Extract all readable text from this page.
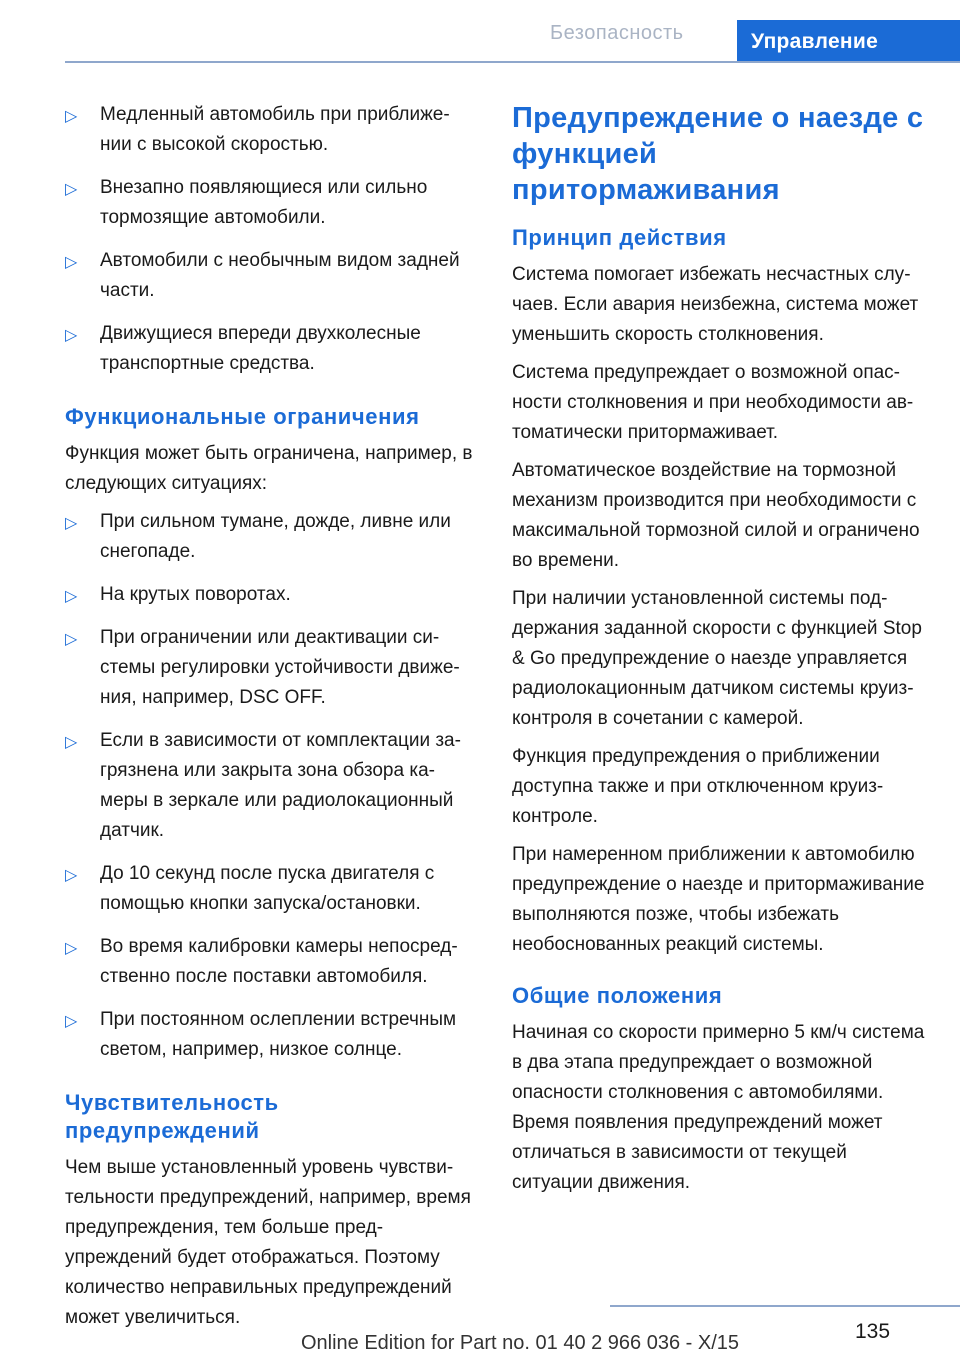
Безопасность	Управление
▷ Медленный автомобиль при приближении с высокой скоростью.
▷ Внезапно появляющиеся или сильно тормозящие автомобили.
▷ Автомобили с необычным видом задней части.
▷ Движущиеся впереди двухколесные транспортные средства.
Функциональные ограничения

Функция может быть ограничена, например, в следующих ситуациях:

▷ При сильном тумане, дожде, ливне или снегопаде.
▷ На крутых поворотах.
▷ При ограничении или деактивации системы регулировки устойчивости движения, например, DSC OFF.
▷ Если в зависимости от комплектации загрязнена или закрыта зона обзора камеры в зеркале или радиолокационный датчик.
▷ До 10 секунд после пуска двигателя с помощью кнопки запуска/остановки.
▷ Во время калибровки камеры непосредственно после поставки автомобиля.
▷ При постоянном ослеплении встречным светом, например, низкое солнце.
Чувствительность предупреждений

Чем выше установленный уровень чувствительности предупреждений, например, время предупреждения, тем больше предупреждений будет отображаться. Поэтому количество неправильных предупреждений может увеличиться.

Предупреждение о наезде с функцией притормаживания
Принцип действия

Система помогает избежать несчастных случаев. Если авария неизбежна, система может уменьшить скорость столкновения.

Система предупреждает о возможной опасности столкновения и при необходимости автоматически притормаживает.

Автоматическое воздействие на тормозной механизм производится при необходимости с максимальной тормозной силой и ограничено во времени.

При наличии установленной системы поддержания заданной скорости с функцией Stop & Go предупреждение о наезде управляется радиолокационным датчиком системы круиз-контроля в сочетании с камерой.

Функция предупреждения о приближении доступна также и при отключенном круиз-контроле.

При намеренном приближении к автомобилю предупреждение о наезде и притормaживание выполняются позже, чтобы избежать необоснованных реакций системы.

Общие положения

Начиная со скорости примерно 5 км/ч система в два этапа предупреждает о возможной опасности столкновения с автомобилями. Время появления предупреждений может отличаться в зависимости от текущей ситуации движения.

135
Online Edition for Part no. 01 40 2 966 036 - X/15
